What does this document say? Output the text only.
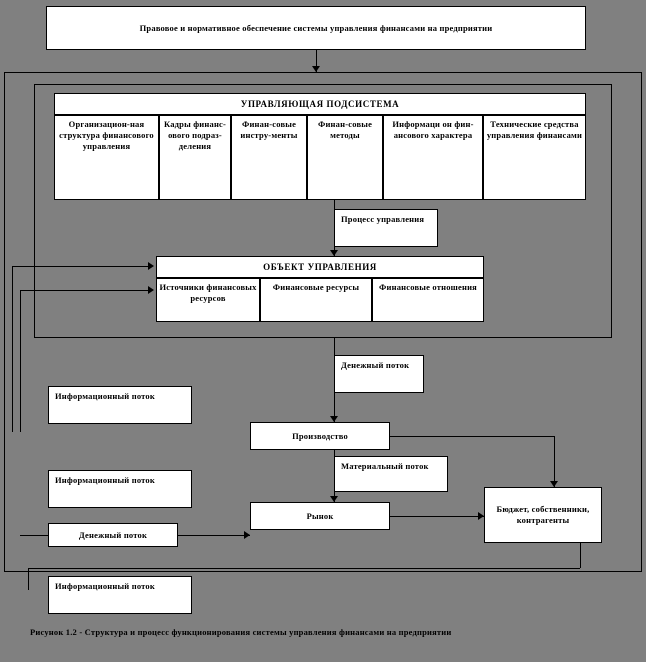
Правовое и нормативное обеспечение системы управления финансами на предприятии
УПРАВЛЯЮЩАЯ ПОДСИСТЕМА
Организацион-ная структура финансового управления
Кадры финанс-ового подраз-деления
Финан-совые инстру-менты
Финан-совые методы
Информаци он фин-ансового характера
Технические средства управления финансами
Процесс управления
ОБЪЕКТ УПРАВЛЕНИЯ
Источники финансовых ресурсов
Финансовые ресурсы	Финансовые отношения
Денежный поток
Информационный поток
Производство
Материальный поток
Информационный поток
Рынок
Денежный поток
Бюджет, собственники, контрагенты
Информационный поток
Рисунок 1.2 - Структура и процесс функционирования системы управления финансами на предприятии
